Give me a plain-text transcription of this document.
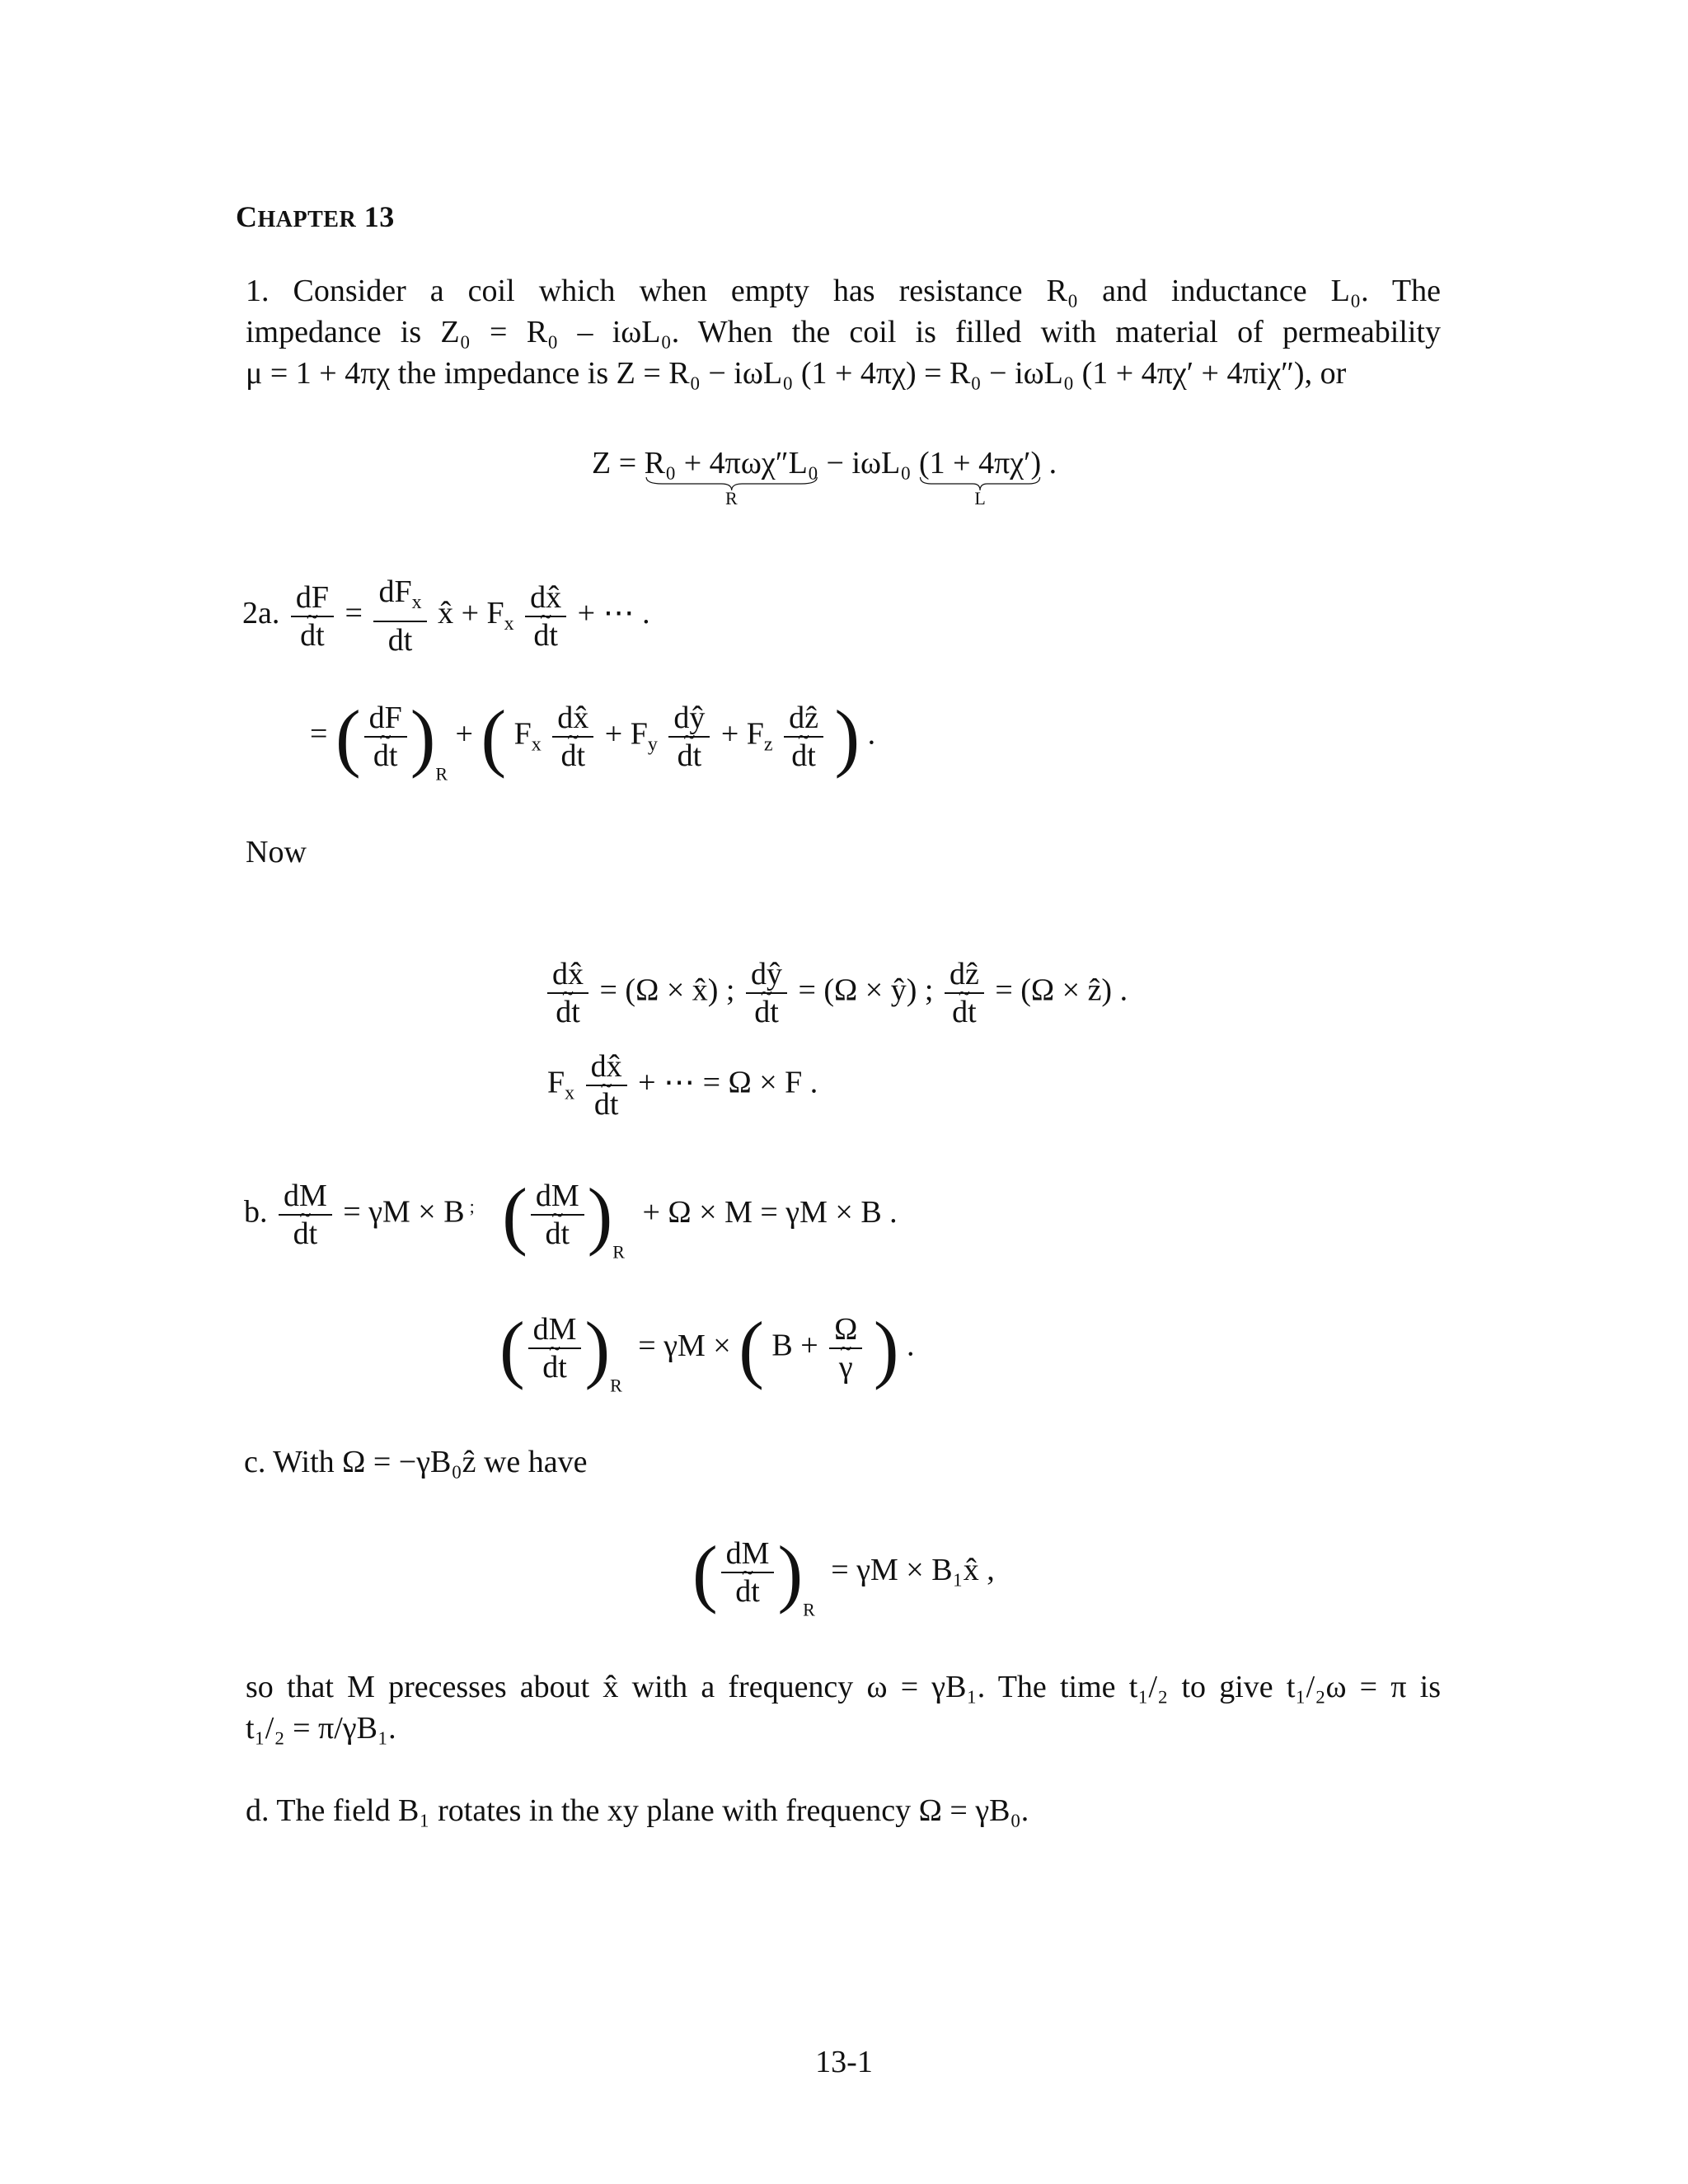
CHAPTER 13
1. Consider a coil which when empty has resistance R₀ and inductance L₀. The
impedance is Z₀ = R₀ – iωL₀. When the coil is filled with material of permeability
μ = 1 + 4πχ the impedance is Z = R₀ − iωL₀ (1 + 4πχ) = R₀ − iωL₀ (1 + 4πχ′ + 4πiχ″), or
Z = R₀ + 4πωχ″L₀
R
− iωL₀ (1 + 4πχ′)
L
.
2a. $\frac{dF \sim}{dt} = \frac{dF_x}{dt}$ x̂ + $F_x \frac{dx̂ \sim}{dt}$ + ⋯ .
= ( $\frac{dF \sim}{dt} )_R$ + ( $F_x \frac{dx̂ \sim}{dt} + F_y \frac{dŷ \sim}{dt} + F_z \frac{\text{dẑ \textasciitilde{}}}{dt}$ ) .
Now
$\frac{dx̂ \sim}{dt} = (\Omega$ × x̂) ; $\frac{dŷ \sim}{dt} = (\Omega$ × ŷ) ; $\frac{\text{dẑ \textasciitilde{}}}{dt} = (\Omega$ × ẑ) .
$F_x \frac{dx̂ \sim}{dt}$ + ⋯ = Ω × F .
b. $\frac{dM \sim}{dt} = \gamma M \times B$ ; ( $\frac{dM \sim}{dt} )_R + \Omega \times M = \gamma M \times B$ .
( $\frac{dM \sim}{dt} )_R = \gamma M$ × ( $B + \frac{\Omega \sim}{\gamma}$ ) .
c. With Ω = −γB₀ẑ we have
( $\frac{dM \sim}{dt} )_R = \gamma M$ × B₁x̂ ,
so that M precesses about x̂ with a frequency ω = γB₁. The time t₁/₂ to give t₁/₂ω = π is
t₁/₂ = π/γB₁.
d. The field B₁ rotates in the xy plane with frequency Ω = γB₀.
13-1
